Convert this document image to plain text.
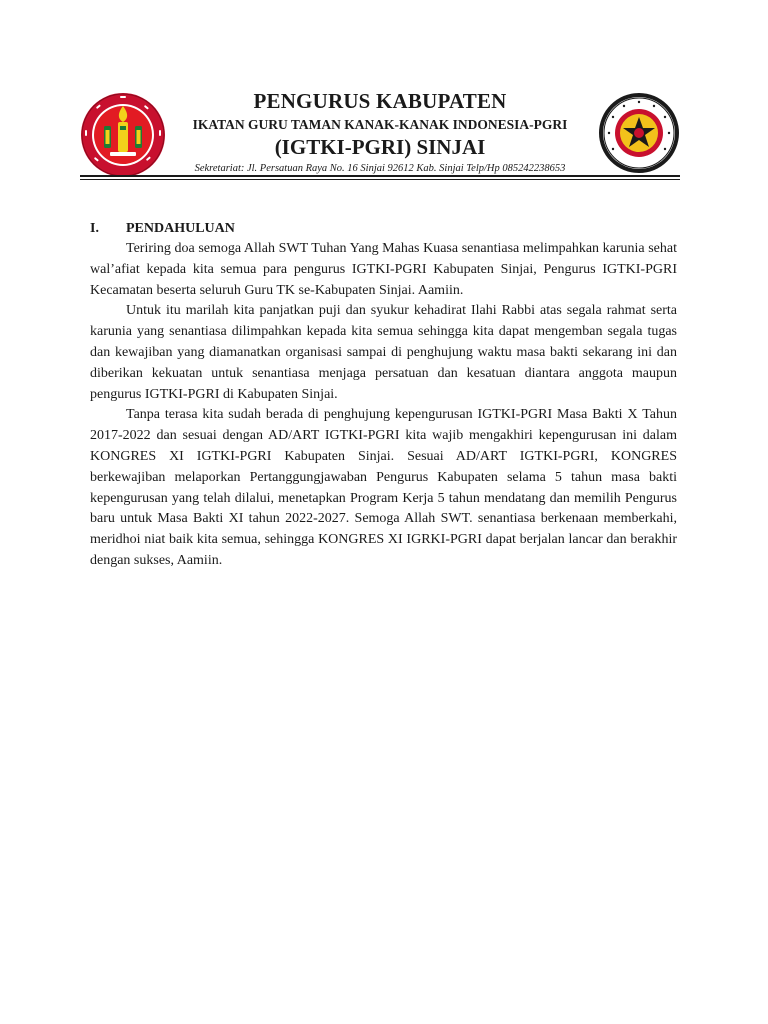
PENGURUS KABUPATEN
IKATAN GURU TAMAN KANAK-KANAK INDONESIA-PGRI
(IGTKI-PGRI) SINJAI
Sekretariat: Jl. Persatuan Raya No. 16 Sinjai 92612 Kab. Sinjai Telp/Hp 085242238653
I.	PENDAHULUAN

Teriring doa semoga Allah SWT Tuhan Yang Mahas Kuasa senantiasa melimpahkan karunia sehat wal’afiat kepada kita semua para pengurus IGTKI-PGRI Kabupaten Sinjai, Pengurus IGTKI-PGRI Kecamatan beserta seluruh Guru TK se-Kabupaten Sinjai. Aamiin.

Untuk itu marilah kita panjatkan puji dan syukur kehadirat Ilahi Rabbi atas segala rahmat serta karunia yang senantiasa dilimpahkan kepada kita semua sehingga kita dapat mengemban segala tugas dan kewajiban yang diamanatkan organisasi sampai di penghujung waktu masa bakti sekarang ini dan diberikan kekuatan untuk senantiasa menjaga persatuan dan kesatuan diantara anggota maupun pengurus IGTKI-PGRI di Kabupaten Sinjai.

Tanpa terasa kita sudah berada di penghujung kepengurusan IGTKI-PGRI Masa Bakti X Tahun 2017-2022 dan sesuai dengan AD/ART IGTKI-PGRI kita wajib mengakhiri kepengurusan ini dalam KONGRES XI IGTKI-PGRI Kabupaten Sinjai. Sesuai AD/ART IGTKI-PGRI, KONGRES berkewajiban melaporkan Pertanggungjawaban Pengurus Kabupaten selama 5 tahun masa bakti kepengurusan yang telah dilalui, menetapkan Program Kerja 5 tahun mendatang dan memilih Pengurus baru untuk Masa Bakti XI tahun 2022-2027. Semoga Allah SWT. senantiasa berkenaan memberkahi, meridhoi niat baik kita semua, sehingga KONGRES XI IGRKI-PGRI dapat berjalan lancar dan berakhir dengan sukses, Aamiin.
